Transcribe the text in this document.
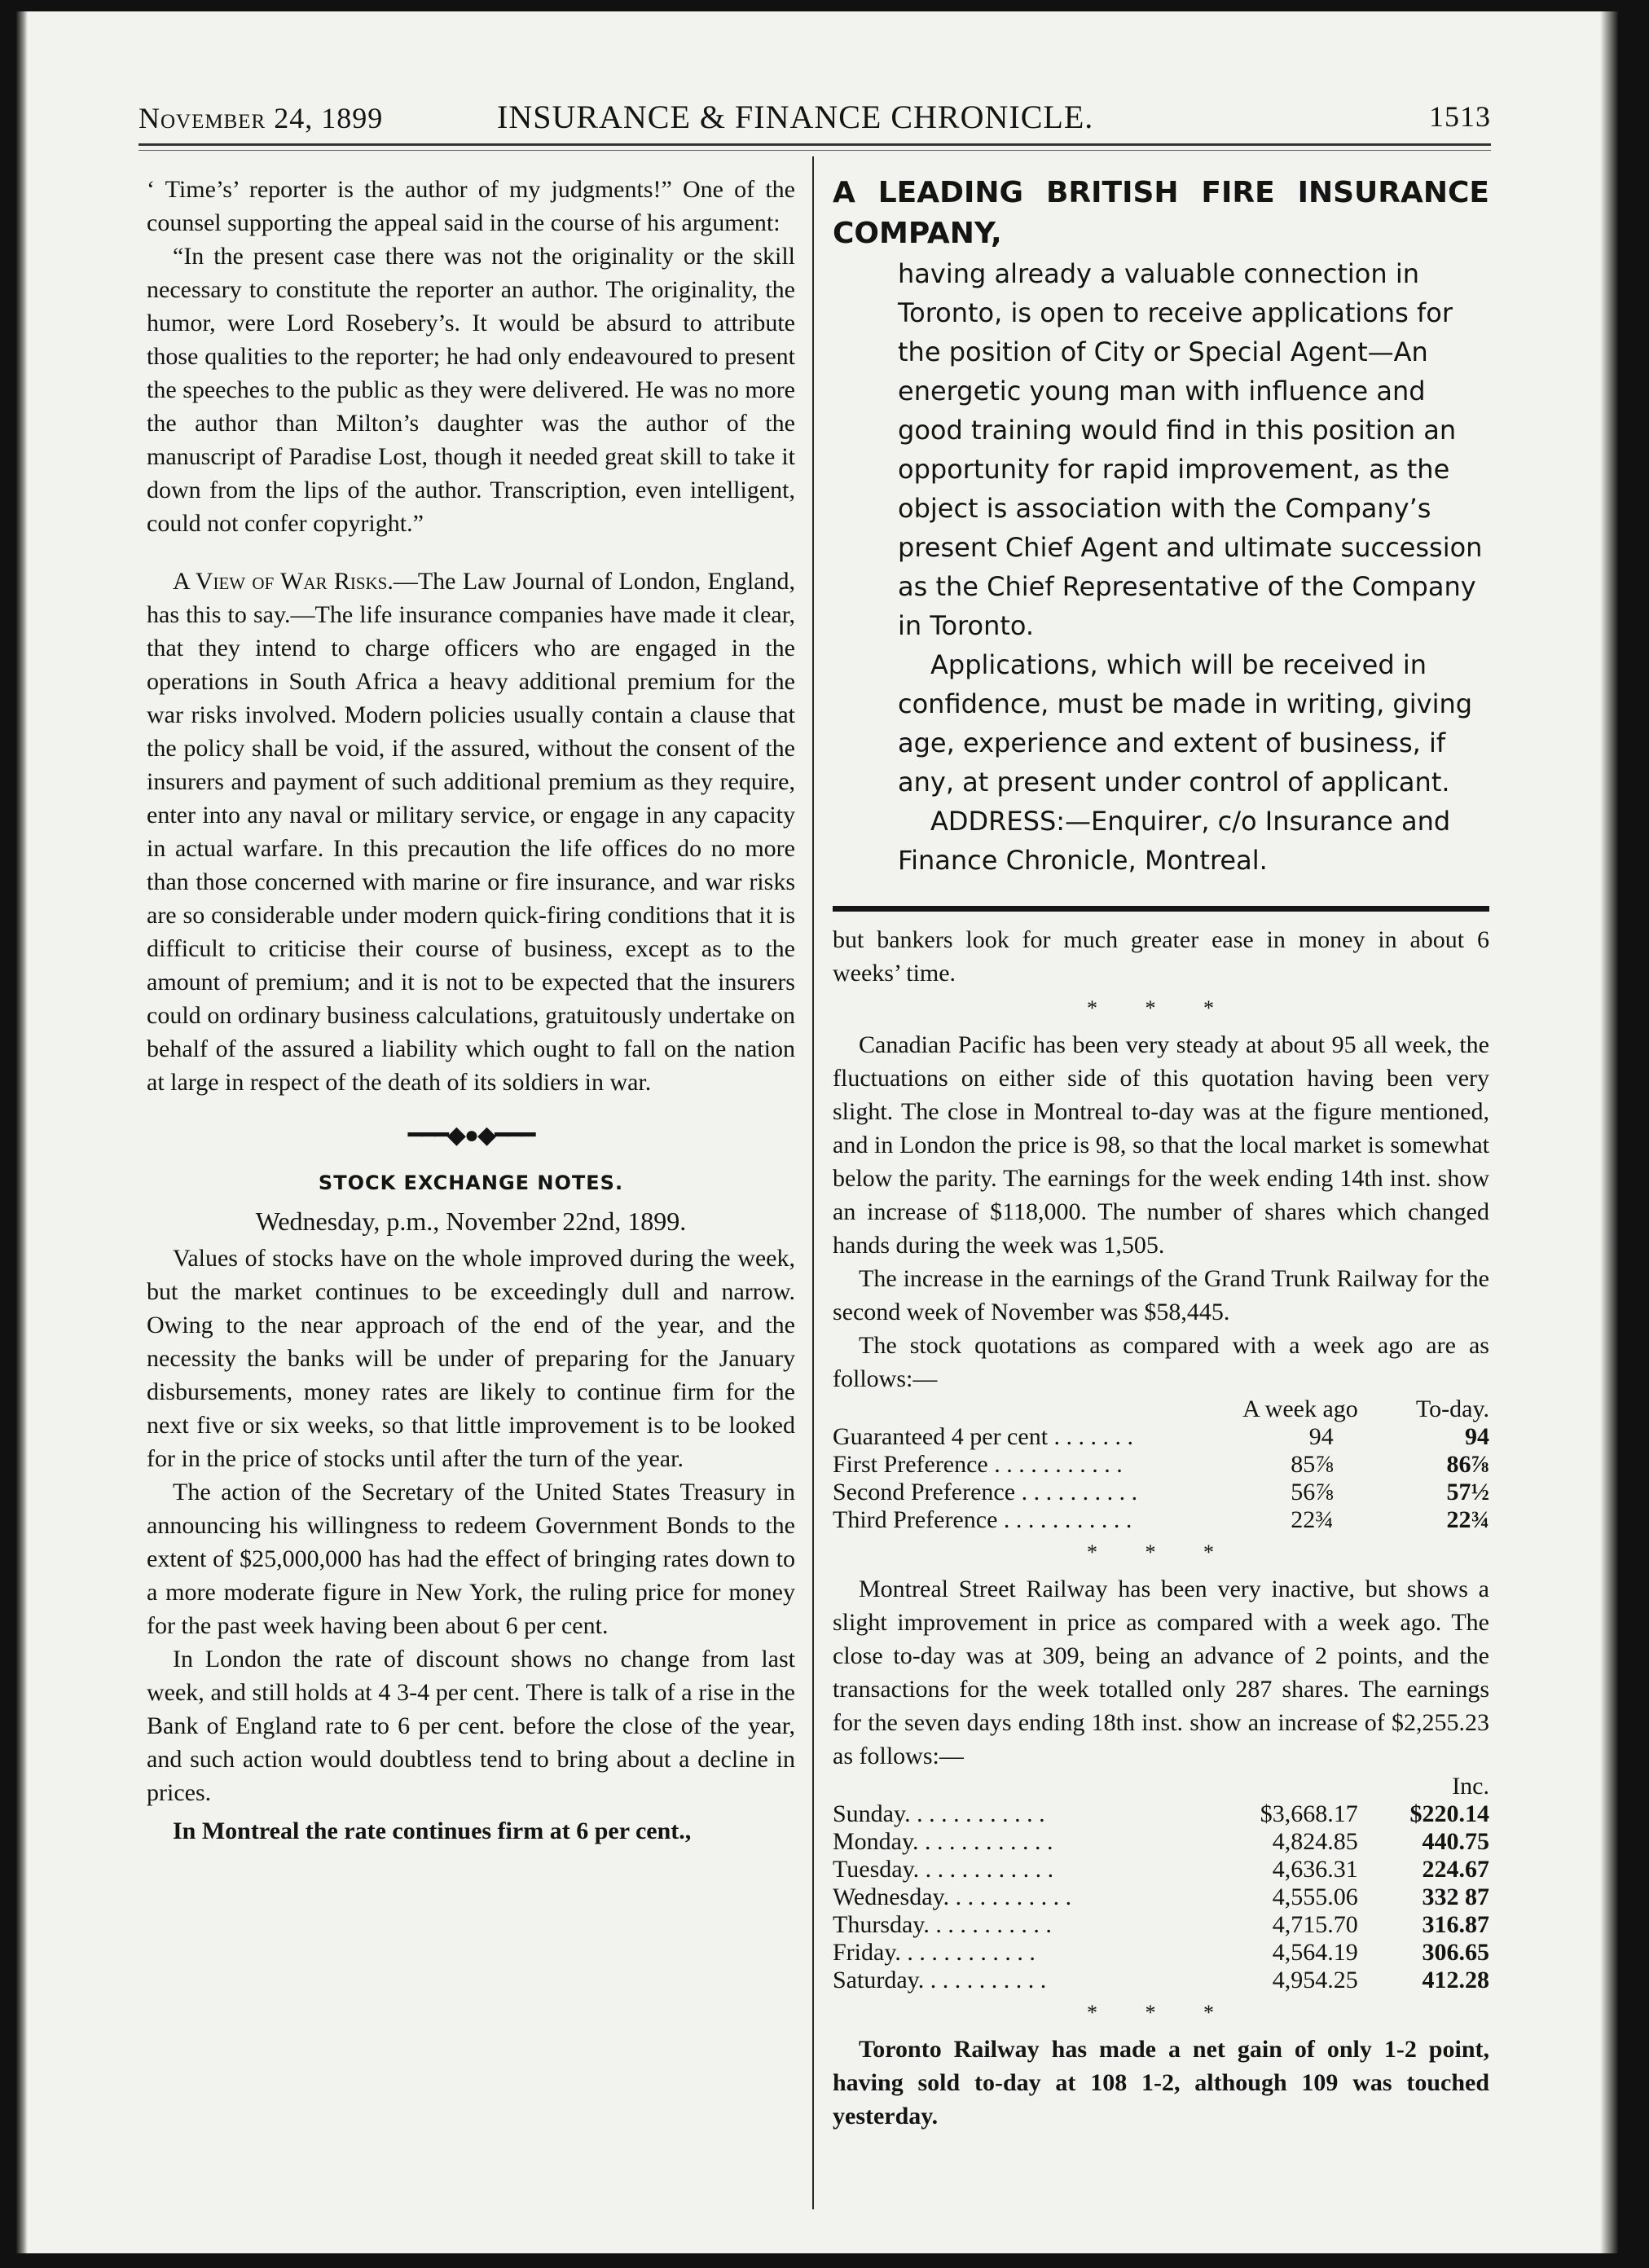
November 24, 1899	INSURANCE & FINANCE CHRONICLE.	1513

‘ Time’s’ reporter is the author of my judgments!” One of the counsel supporting the appeal said in the course of his argument:

“In the present case there was not the originality or the skill necessary to constitute the reporter an author. The originality, the humor, were Lord Rosebery’s. It would be absurd to attribute those qualities to the reporter; he had only endeavoured to present the speeches to the public as they were delivered. He was no more the author than Milton’s daughter was the author of the manuscript of Paradise Lost, though it needed great skill to take it down from the lips of the author. Transcription, even intelligent, could not confer copyright.”

A View of War Risks.—The Law Journal of London, England, has this to say.—The life insurance companies have made it clear, that they intend to charge officers who are engaged in the operations in South Africa a heavy additional premium for the war risks involved. Modern policies usually contain a clause that the policy shall be void, if the assured, without the consent of the insurers and payment of such additional premium as they require, enter into any naval or military service, or engage in any capacity in actual warfare. In this precaution the life offices do no more than those concerned with marine or fire insurance, and war risks are so considerable under modern quick-firing conditions that it is difficult to criticise their course of business, except as to the amount of premium; and it is not to be expected that the insurers could on ordinary business calculations, gratuitously undertake on behalf of the assured a liability which ought to fall on the nation at large in respect of the death of its soldiers in war.

━━━◆●◆━━━
STOCK EXCHANGE NOTES.
Wednesday, p.m., November 22nd, 1899.

Values of stocks have on the whole improved during the week, but the market continues to be exceedingly dull and narrow. Owing to the near approach of the end of the year, and the necessity the banks will be under of preparing for the January disbursements, money rates are likely to continue firm for the next five or six weeks, so that little improvement is to be looked for in the price of stocks until after the turn of the year.

The action of the Secretary of the United States Treasury in announcing his willingness to redeem Government Bonds to the extent of $25,000,000 has had the effect of bringing rates down to a more moderate figure in New York, the ruling price for money for the past week having been about 6 per cent.

In London the rate of discount shows no change from last week, and still holds at 4 3-4 per cent. There is talk of a rise in the Bank of England rate to 6 per cent. before the close of the year, and such action would doubtless tend to bring about a decline in prices.

In Montreal the rate continues firm at 6 per cent.,

A LEADING BRITISH FIRE INSURANCE COMPANY,

having already a valuable connection in Toronto, is open to receive applications for the position of City or Special Agent—An energetic young man with influence and good training would find in this position an opportunity for rapid improvement, as the object is association with the Company’s present Chief Agent and ultimate succession as the Chief Representative of the Company in Toronto.

Applications, which will be received in confidence, must be made in writing, giving age, experience and extent of business, if any, at present under control of applicant.

ADDRESS:—Enquirer, c/o Insurance and Finance Chronicle, Montreal.

but bankers look for much greater ease in money in about 6 weeks’ time.

* * *

Canadian Pacific has been very steady at about 95 all week, the fluctuations on either side of this quotation having been very slight. The close in Montreal to-day was at the figure mentioned, and in London the price is 98, so that the local market is somewhat below the parity. The earnings for the week ending 14th inst. show an increase of $118,000. The number of shares which changed hands during the week was 1,505.

The increase in the earnings of the Grand Trunk Railway for the second week of November was $58,445.

The stock quotations as compared with a week ago are as follows:—

	A week ago	To-day.
Guaranteed 4 per cent . . . . . . .	94	94
First Preference . . . . . . . . . . .	85⅞	86⅞
Second Preference . . . . . . . . . .	56⅞	57½
Third Preference . . . . . . . . . . .	22¾	22¾
* * *

Montreal Street Railway has been very inactive, but shows a slight improvement in price as compared with a week ago. The close to-day was at 309, being an advance of 2 points, and the transactions for the week totalled only 287 shares. The earnings for the seven days ending 18th inst. show an increase of $2,255.23 as follows:—

		Inc.
Sunday. . . . . . . . . . . .	$3,668.17	$220.14
Monday. . . . . . . . . . . .	4,824.85	440.75
Tuesday. . . . . . . . . . . .	4,636.31	224.67
Wednesday. . . . . . . . . . .	4,555.06	332 87
Thursday. . . . . . . . . . .	4,715.70	316.87
Friday. . . . . . . . . . . .	4,564.19	306.65
Saturday. . . . . . . . . . .	4,954.25	412.28
* * *

Toronto Railway has made a net gain of only 1-2 point, having sold to-day at 108 1-2, although 109 was touched yesterday.
